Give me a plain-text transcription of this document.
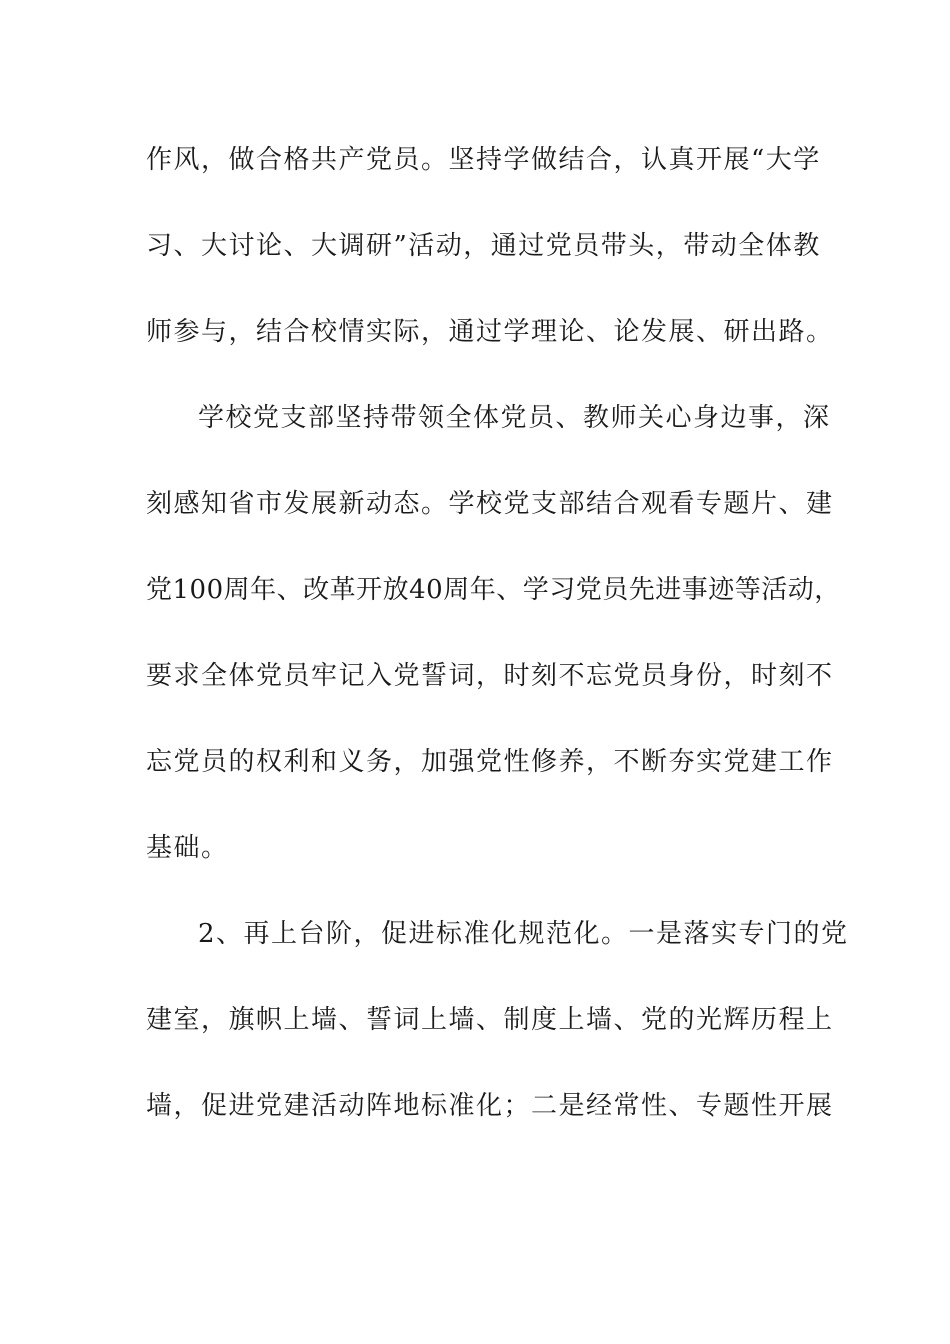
作风，做合格共产党员。坚持学做结合，认真开展“大学
习、大讨论、大调研”活动，通过党员带头，带动全体教
师参与，结合校情实际，通过学理论、论发展、研出路。
学校党支部坚持带领全体党员、教师关心身边事，深
刻感知省市发展新动态。学校党支部结合观看专题片、建
党100周年、改革开放40周年、学习党员先进事迹等活动，
要求全体党员牢记入党誓词，时刻不忘党员身份，时刻不
忘党员的权利和义务，加强党性修养，不断夯实党建工作
基础。
2、再上台阶，促进标准化规范化。一是落实专门的党
建室，旗帜上墙、誓词上墙、制度上墙、党的光辉历程上
墙，促进党建活动阵地标准化；二是经常性、专题性开展
